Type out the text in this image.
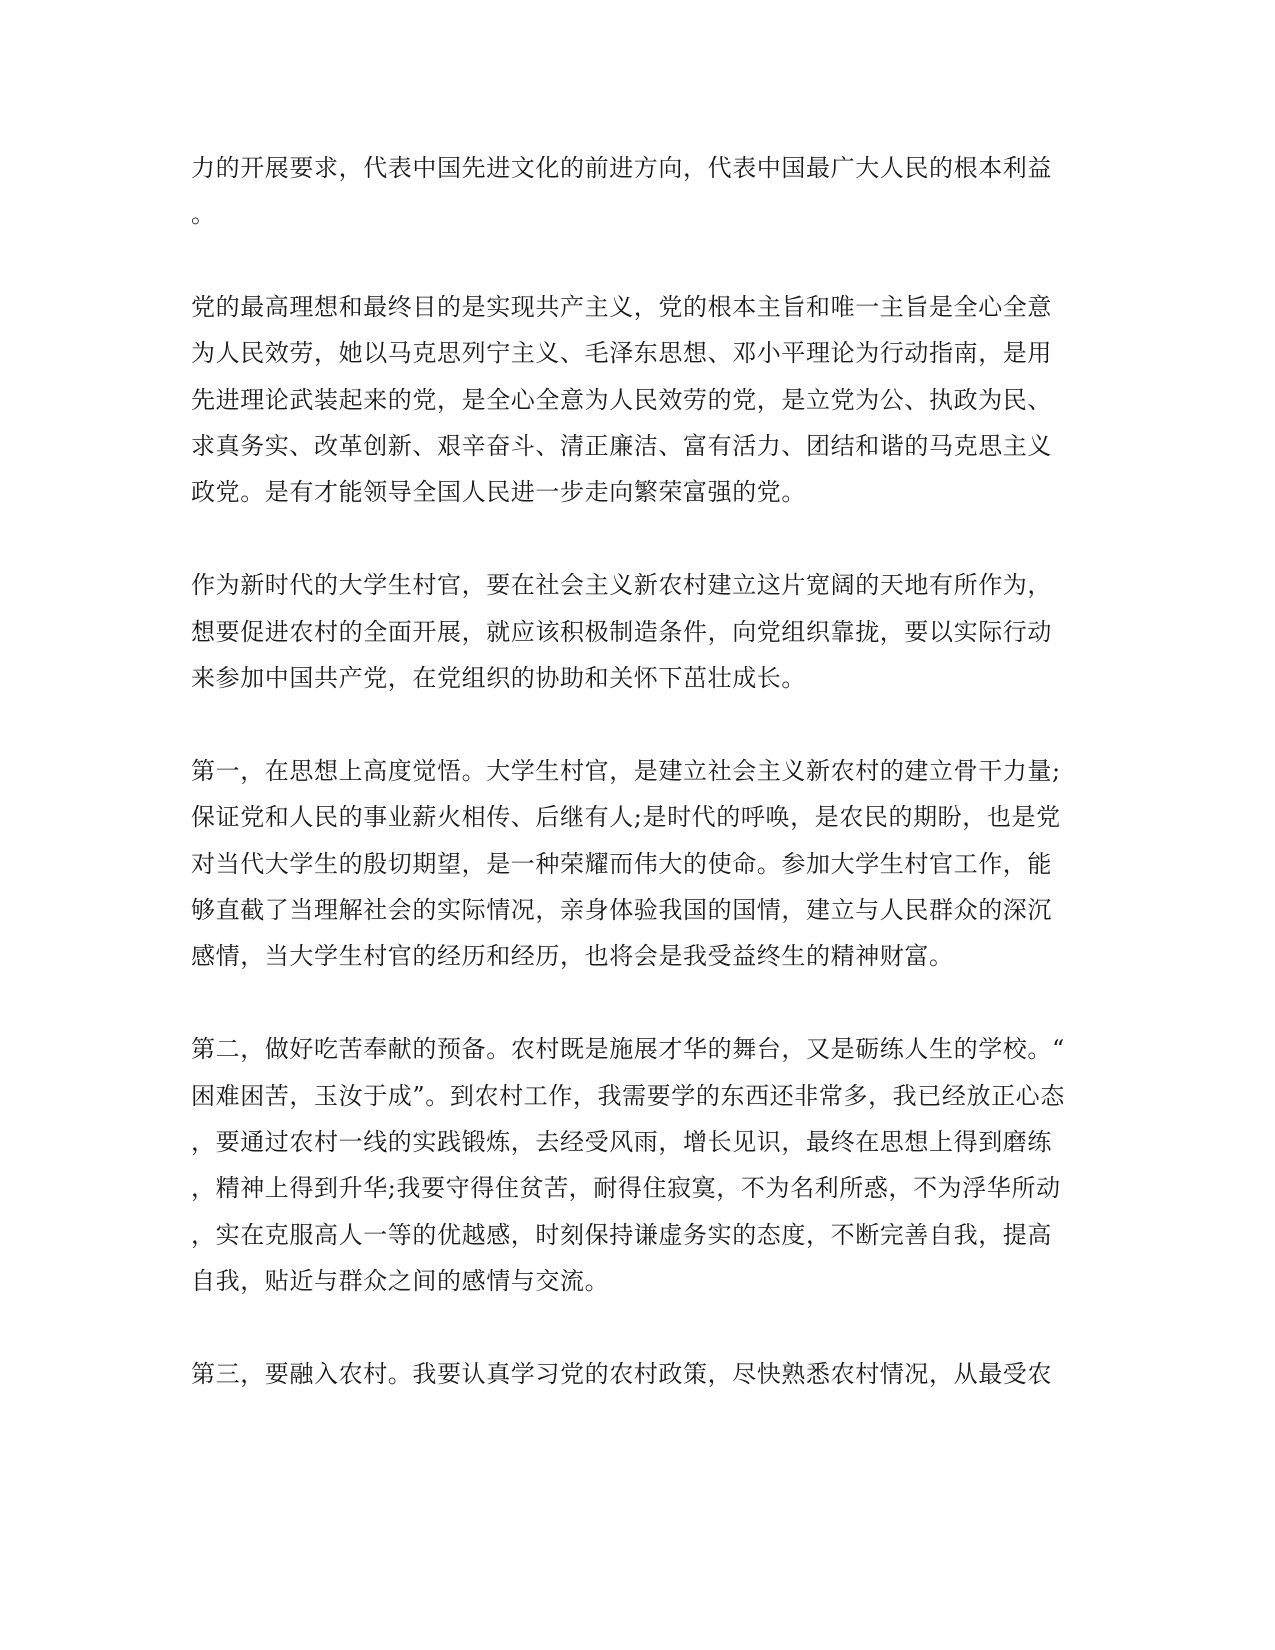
力的开展要求，代表中国先进文化的前进方向，代表中国最广大人民的根本利益
。
党的最高理想和最终目的是实现共产主义，党的根本主旨和唯一主旨是全心全意
为人民效劳，她以马克思列宁主义、毛泽东思想、邓小平理论为行动指南，是用
先进理论武装起来的党，是全心全意为人民效劳的党，是立党为公、执政为民、
求真务实、改革创新、艰辛奋斗、清正廉洁、富有活力、团结和谐的马克思主义
政党。是有才能领导全国人民进一步走向繁荣富强的党。
作为新时代的大学生村官，要在社会主义新农村建立这片宽阔的天地有所作为，
想要促进农村的全面开展，就应该积极制造条件，向党组织靠拢，要以实际行动
来参加中国共产党，在党组织的协助和关怀下茁壮成长。
第一，在思想上高度觉悟。大学生村官，是建立社会主义新农村的建立骨干力量;
保证党和人民的事业薪火相传、后继有人;是时代的呼唤，是农民的期盼，也是党
对当代大学生的殷切期望，是一种荣耀而伟大的使命。参加大学生村官工作，能
够直截了当理解社会的实际情况，亲身体验我国的国情，建立与人民群众的深沉
感情，当大学生村官的经历和经历，也将会是我受益终生的精神财富。
第二，做好吃苦奉献的预备。农村既是施展才华的舞台，又是砺练人生的学校。“
困难困苦，玉汝于成”。到农村工作，我需要学的东西还非常多，我已经放正心态
，要通过农村一线的实践锻炼，去经受风雨，增长见识，最终在思想上得到磨练
，精神上得到升华;我要守得住贫苦，耐得住寂寞，不为名利所惑，不为浮华所动
，实在克服高人一等的优越感，时刻保持谦虚务实的态度，不断完善自我，提高
自我，贴近与群众之间的感情与交流。
第三，要融入农村。我要认真学习党的农村政策，尽快熟悉农村情况，从最受农
